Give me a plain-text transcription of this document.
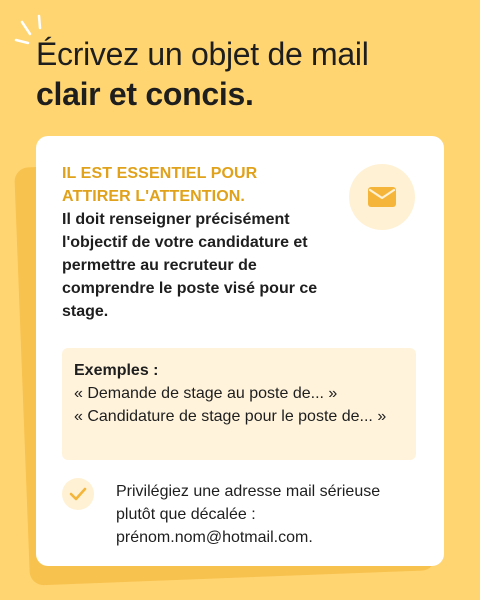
Écrivez un objet de mail
clair et concis.

IL EST ESSENTIEL POUR ATTIRER L'ATTENTION.

Il doit renseigner précisément l'objectif de votre candidature et permettre au recruteur de comprendre le poste visé pour ce stage.

Exemples :
« Demande de stage au poste de... »
« Candidature de stage pour le poste de... »

Privilégiez une adresse mail sérieuse plutôt que décalée : prénom.nom@hotmail.com.
